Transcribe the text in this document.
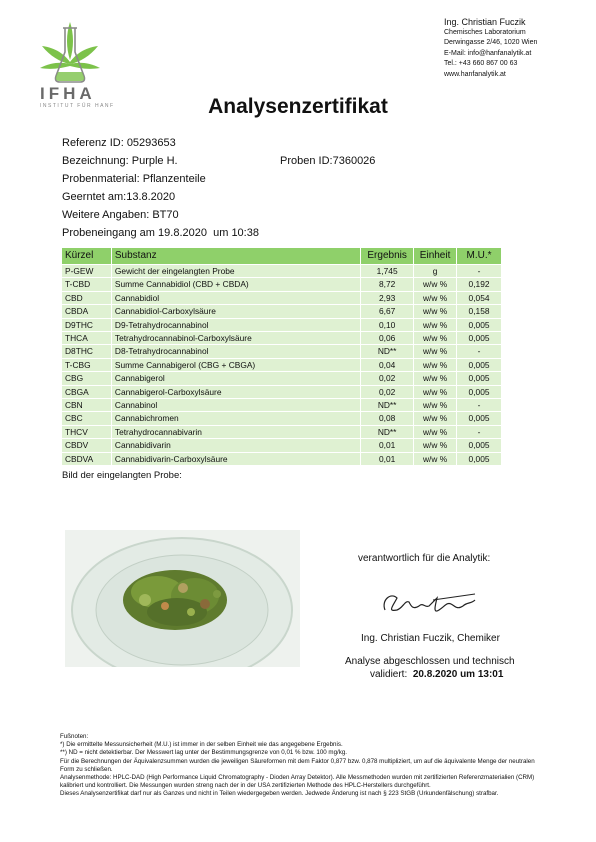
IFHA
INSTITUT FÜR HANF
Ing. Christian Fuczik
Chemisches Laboratorium
Derwingasse 2/46, 1020 Wien
E-Mail: info@hanfanalytik.at
Tel.: +43 660 867 00 63
www.hanfanalytik.at
Analysenzertifikat
Referenz ID: 05293653
Bezeichnung: Purple H.	Proben ID:7360026
Probenmaterial: Pflanzenteile
Geerntet am:13.8.2020
Weitere Angaben: BT70
Probeneingang am 19.8.2020 um 10:38
Kürzel	Substanz	Ergebnis	Einheit	M.U.*
P-GEW	Gewicht der eingelangten Probe	1,745	g	-
T-CBD	Summe Cannabidiol (CBD + CBDA)	8,72	w/w %	0,192
CBD	Cannabidiol	2,93	w/w %	0,054
CBDA	Cannabidiol-Carboxylsäure	6,67	w/w %	0,158
D9THC	D9-Tetrahydrocannabinol	0,10	w/w %	0,005
THCA	Tetrahydrocannabinol-Carboxylsäure	0,06	w/w %	0,005
D8THC	D8-Tetrahydrocannabinol	ND**	w/w %	-
T-CBG	Summe Cannabigerol (CBG + CBGA)	0,04	w/w %	0,005
CBG	Cannabigerol	0,02	w/w %	0,005
CBGA	Cannabigerol-Carboxylsäure	0,02	w/w %	0,005
CBN	Cannabinol	ND**	w/w %	-
CBC	Cannabichromen	0,08	w/w %	0,005
THCV	Tetrahydrocannabivarin	ND**	w/w %	-
CBDV	Cannabidivarin	0,01	w/w %	0,005
CBDVA	Cannabidivarin-Carboxylsäure	0,01	w/w %	0,005
Bild der eingelangten Probe:
verantwortlich für die Analytik:
Ing. Christian Fuczik, Chemiker
Analyse abgeschlossen und technisch
validiert: 20.8.2020 um 13:01
Fußnoten:
*) Die ermittelte Messunsicherheit (M.U.) ist immer in der selben Einheit wie das angegebene Ergebnis.
**) ND = nicht detektierbar. Der Messwert lag unter der Bestimmungsgrenze von 0,01 % bzw. 100 mg/kg.
Für die Berechnungen der Äquivalenzsummen wurden die jeweiligen Säureformen mit dem Faktor 0,877 bzw. 0,878 multipliziert, um auf die äquivalente Menge der neutralen Form zu schließen.
Analysenmethode: HPLC-DAD (High Performance Liquid Chromatography - Dioden Array Detektor). Alle Messmethoden wurden mit zertifizierten Referenzmaterialien (CRM) kalibriert und kontrolliert. Die Messungen wurden streng nach der in der USA zertifizierten Methode des HPLC-Herstellers durchgeführt.
Dieses Analysenzertifikat darf nur als Ganzes und nicht in Teilen wiedergegeben werden. Jedwede Änderung ist nach § 223 StGB (Urkundenfälschung) strafbar.
